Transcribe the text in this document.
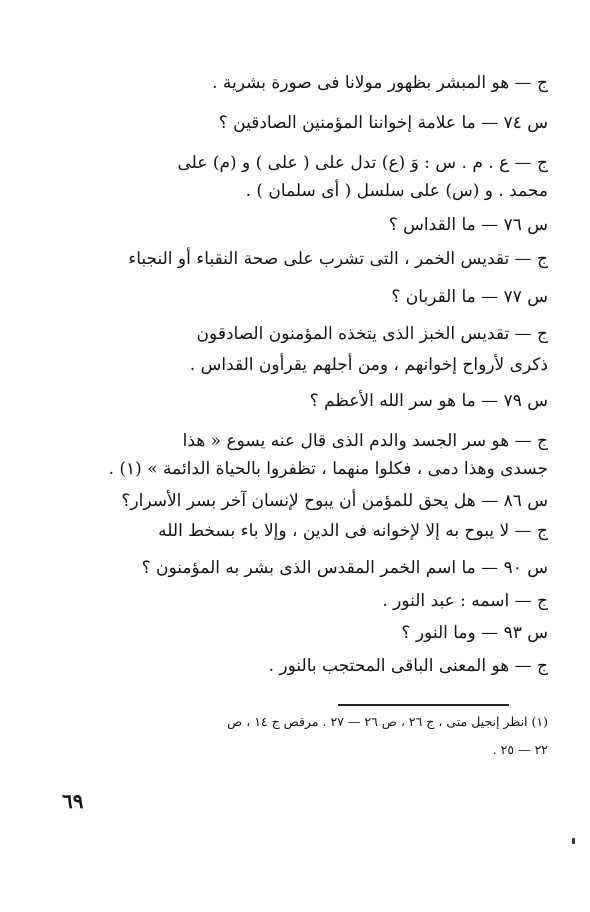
ج — هو المبشر بظهور مولانا فى صورة بشرية .
س ٧٤ — ما علامة إخواننا المؤمنين الصادقين ؟
ج — ع . م . س : وَ (ع) تدل على ( على ) و (م) على
محمد . و (س) على سلسل ( أى سلمان ) .
س ٧٦ — ما القداس ؟
ج — تقديس الخمر ، التى تشرب على صحة النقباء أو النجباء
س ٧٧ — ما القربان ؟
ج — تقديس الخبز الذى يتخذه المؤمنون الصادقون
ذكرى لأرواح إخوانهم ، ومن أجلهم يقرأون القداس .
س ٧٩ — ما هو سر الله الأعظم ؟
ج — هو سر الجسد والدم الذى قال عنه يسوع « هذا
جسدى وهذا دمى ، فكلوا منهما ، تظفروا بالحياة الدائمة » (١) .
س ٨٦ — هل يحق للمؤمن أن يبوح لإنسان آخر بسر الأسرار؟
ج — لا يبوح به إلا لإخوانه فى الدين ، وإلا باء بسخط الله
س ٩٠ — ما اسم الخمر المقدس الذى بشر به المؤمنون ؟
ج — اسمه : عبد النور .
س ٩٣ — وما النور ؟
ج — هو المعنى الباقى المحتجب بالنور .
(١) انظر إنجيل متى ، ج ٢٦ ، ص ٢٦ — ٢٧ . مرقص ج ١٤ ، ص
٢٢ — ٢٥ .
٦٩
